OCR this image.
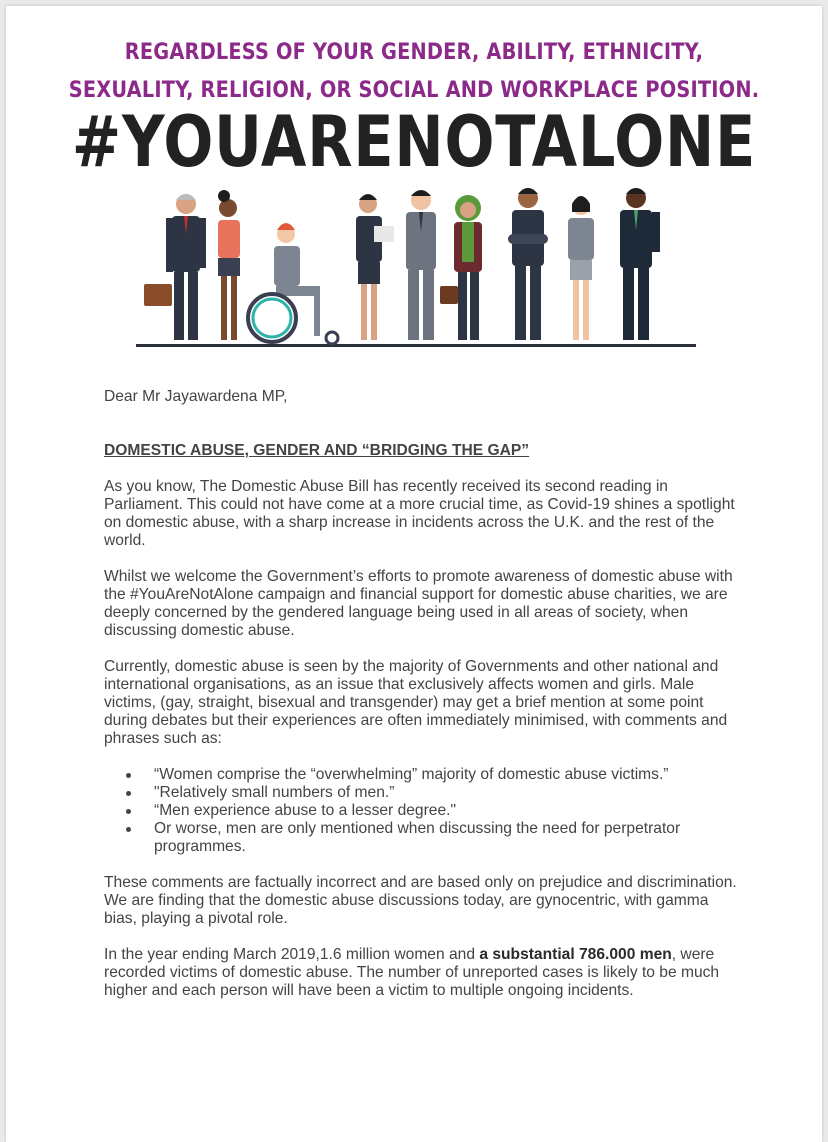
REGARDLESS OF YOUR GENDER, ABILITY, ETHNICITY,
SEXUALITY, RELIGION, OR SOCIAL AND WORKPLACE POSITION.
#YOUARENOTALONE

Dear Mr Jayawardena MP,

DOMESTIC ABUSE, GENDER AND “BRIDGING THE GAP”

As you know, The Domestic Abuse Bill has recently received its second reading in Parliament. This could not have come at a more crucial time, as Covid-19 shines a spotlight on domestic abuse, with a sharp increase in incidents across the U.K. and the rest of the world.

Whilst we welcome the Government’s efforts to promote awareness of domestic abuse with the #YouAreNotAlone campaign and financial support for domestic abuse charities, we are deeply concerned by the gendered language being used in all areas of society, when discussing domestic abuse.

Currently, domestic abuse is seen by the majority of Governments and other national and international organisations, as an issue that exclusively affects women and girls. Male victims, (gay, straight, bisexual and transgender) may get a brief mention at some point during debates but their experiences are often immediately minimised, with comments and phrases such as:

“Women comprise the “overwhelming” majority of domestic abuse victims.”
"Relatively small numbers of men.”
“Men experience abuse to a lesser degree."
Or worse, men are only mentioned when discussing the need for perpetrator programmes.

These comments are factually incorrect and are based only on prejudice and discrimination. We are finding that the domestic abuse discussions today, are gynocentric, with gamma bias, playing a pivotal role.

In the year ending March 2019,1.6 million women and a substantial 786.000 men, were recorded victims of domestic abuse. The number of unreported cases is likely to be much higher and each person will have been a victim to multiple ongoing incidents.
